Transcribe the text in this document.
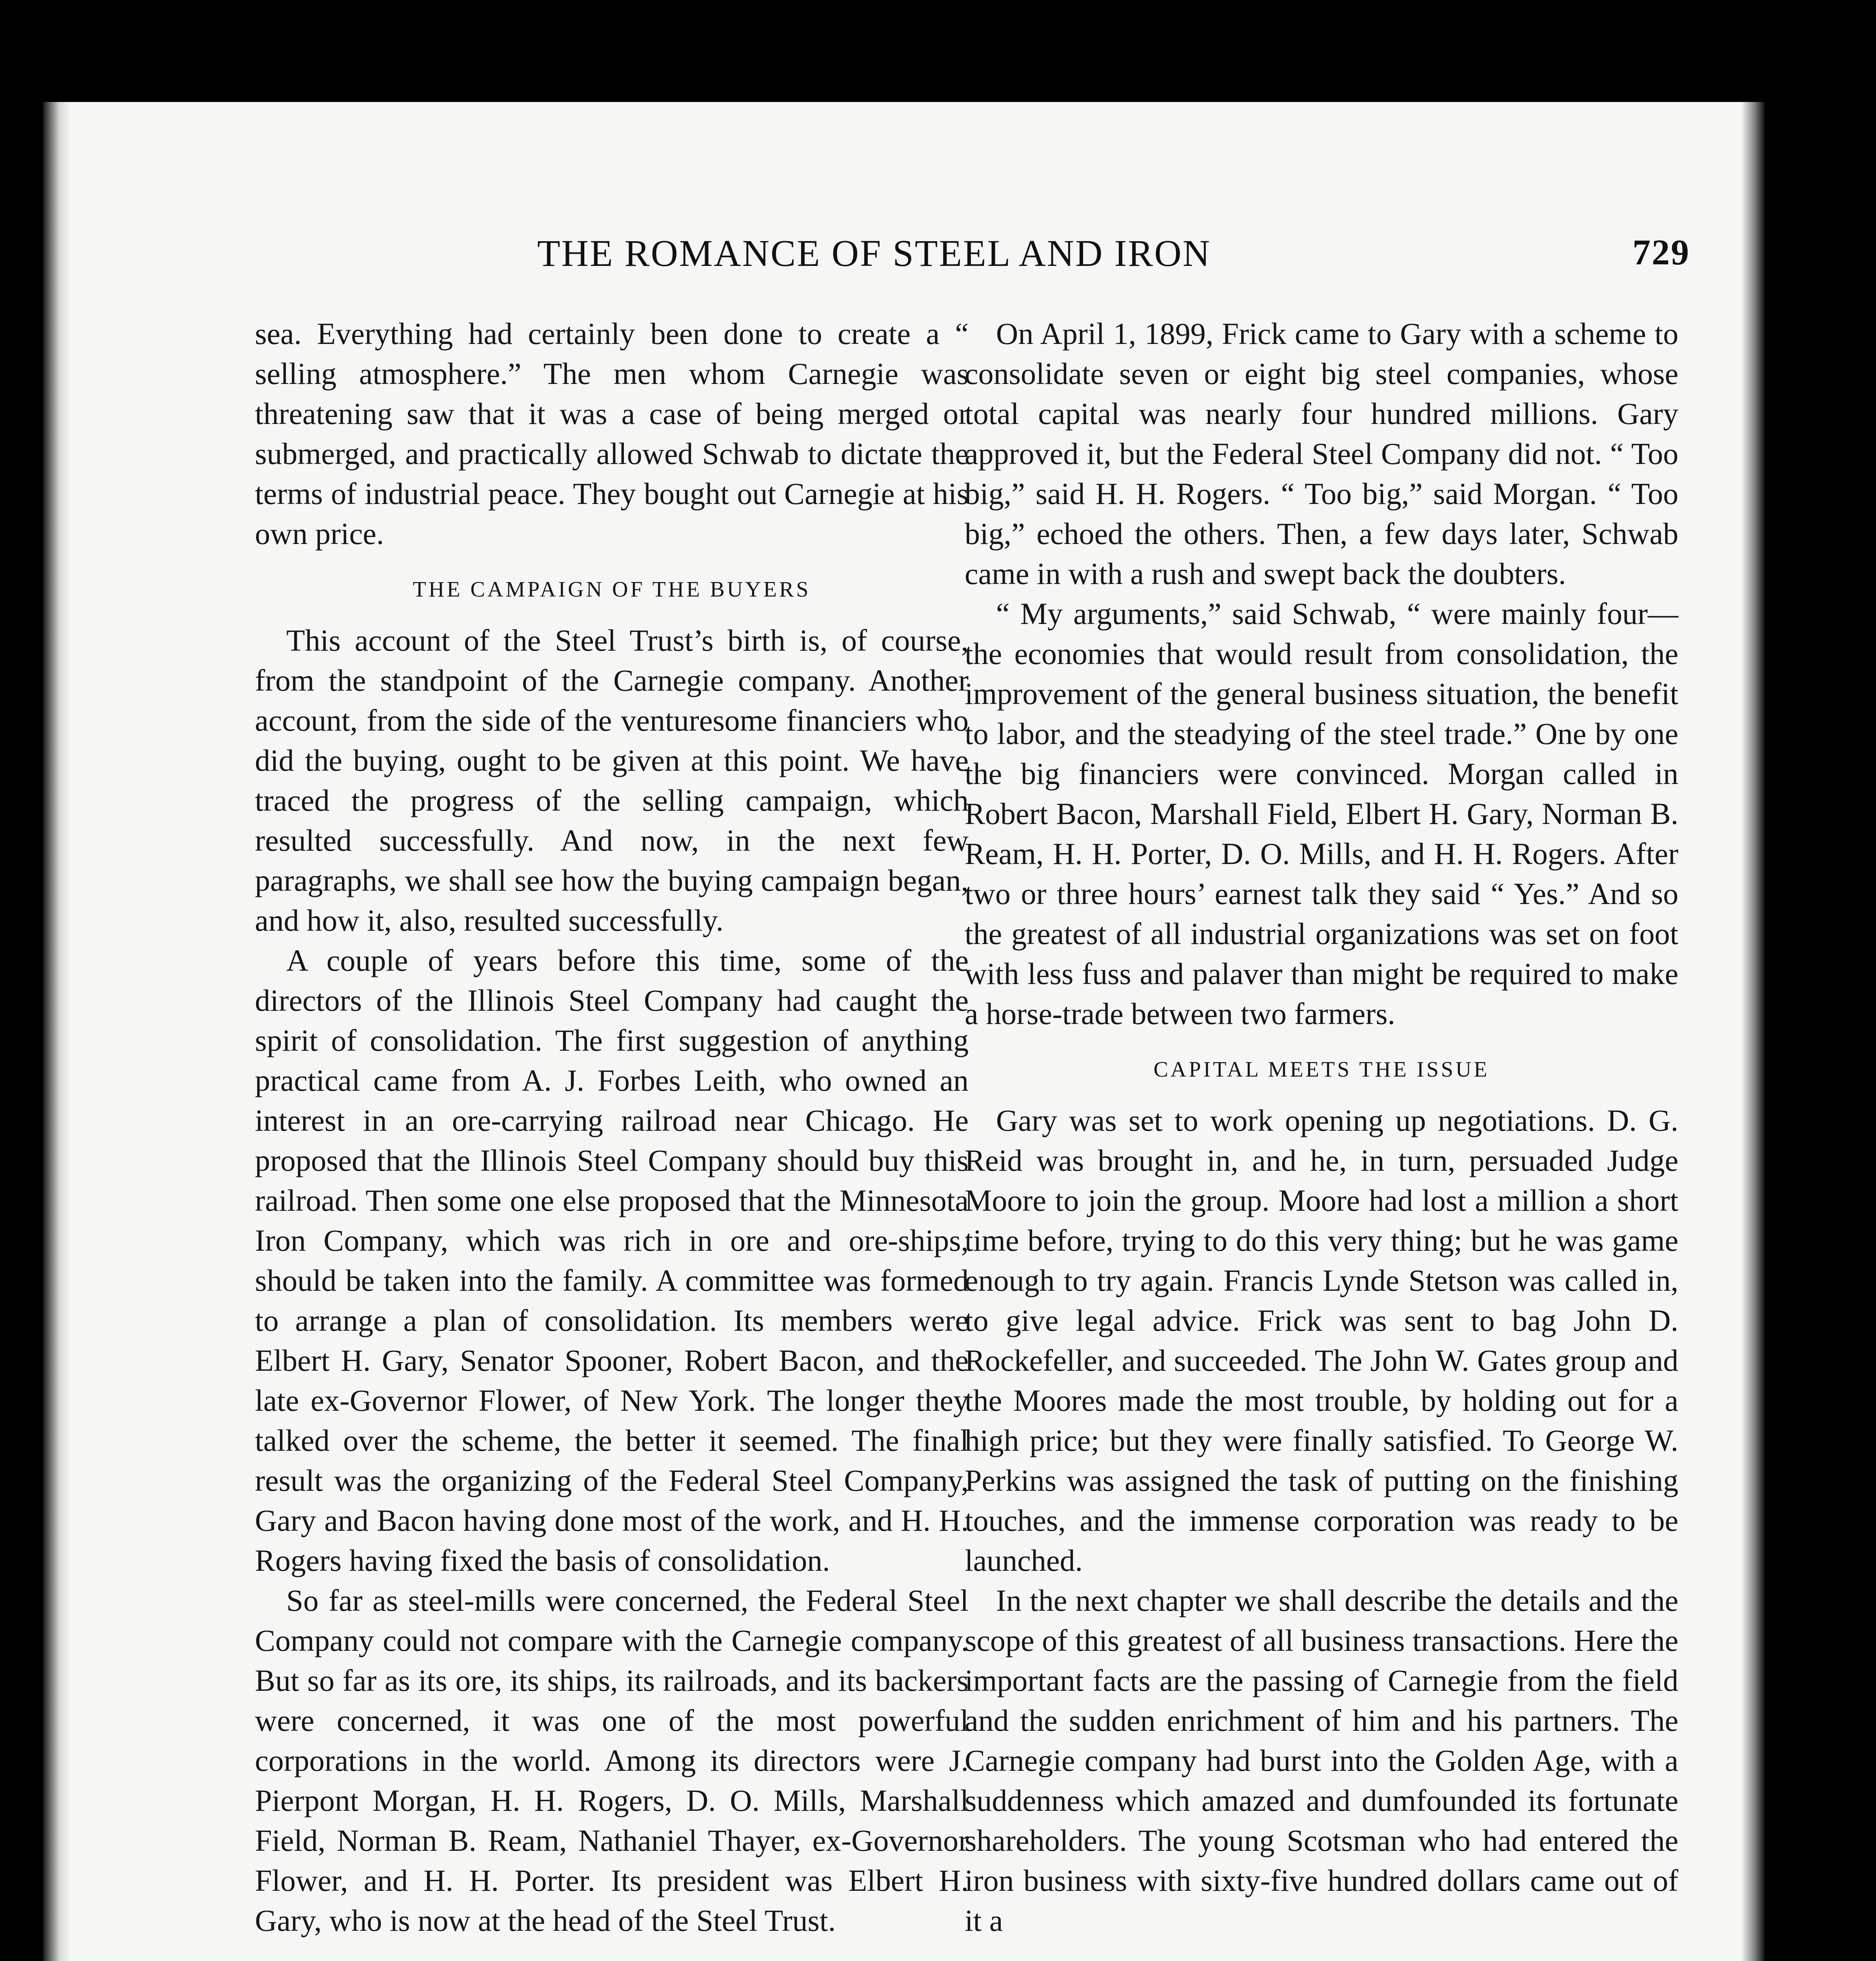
THE ROMANCE OF STEEL AND IRON	729

sea. Everything had certainly been done to create a “ selling atmosphere.” The men whom Carnegie was threatening saw that it was a case of being merged or submerged, and practically allowed Schwab to dictate the terms of industrial peace. They bought out Carnegie at his own price.

THE CAMPAIGN OF THE BUYERS

This account of the Steel Trust’s birth is, of course, from the standpoint of the Carnegie company. Another account, from the side of the venturesome financiers who did the buying, ought to be given at this point. We have traced the progress of the selling campaign, which resulted successfully. And now, in the next few paragraphs, we shall see how the buying campaign began, and how it, also, resulted successfully.

A couple of years before this time, some of the directors of the Illinois Steel Company had caught the spirit of consolidation. The first suggestion of anything practical came from A. J. Forbes Leith, who owned an interest in an ore-carrying railroad near Chicago. He proposed that the Illinois Steel Company should buy this railroad. Then some one else proposed that the Minnesota Iron Company, which was rich in ore and ore-ships, should be taken into the family. A committee was formed to arrange a plan of consolidation. Its members were Elbert H. Gary, Senator Spooner, Robert Bacon, and the late ex-Governor Flower, of New York. The longer they talked over the scheme, the better it seemed. The final result was the organizing of the Federal Steel Company, Gary and Bacon having done most of the work, and H. H. Rogers having fixed the basis of consolidation.

So far as steel-mills were concerned, the Federal Steel Company could not compare with the Carnegie company. But so far as its ore, its ships, its railroads, and its backers were concerned, it was one of the most powerful corporations in the world. Among its directors were J. Pierpont Morgan, H. H. Rogers, D. O. Mills, Marshall Field, Norman B. Ream, Nathaniel Thayer, ex-Governor Flower, and H. H. Porter. Its president was Elbert H. Gary, who is now at the head of the Steel Trust.

On April 1, 1899, Frick came to Gary with a scheme to consolidate seven or eight big steel companies, whose total capital was nearly four hundred millions. Gary approved it, but the Federal Steel Company did not. “ Too big,” said H. H. Rogers. “ Too big,” said Morgan. “ Too big,” echoed the others. Then, a few days later, Schwab came in with a rush and swept back the doubters.

“ My arguments,” said Schwab, “ were mainly four—the economies that would result from consolidation, the improvement of the general business situation, the benefit to labor, and the steadying of the steel trade.” One by one the big financiers were convinced. Morgan called in Robert Bacon, Marshall Field, Elbert H. Gary, Norman B. Ream, H. H. Porter, D. O. Mills, and H. H. Rogers. After two or three hours’ earnest talk they said “ Yes.” And so the greatest of all industrial organizations was set on foot with less fuss and palaver than might be required to make a horse-trade between two farmers.

CAPITAL MEETS THE ISSUE

Gary was set to work opening up negotiations. D. G. Reid was brought in, and he, in turn, persuaded Judge Moore to join the group. Moore had lost a million a short time before, trying to do this very thing; but he was game enough to try again. Francis Lynde Stetson was called in, to give legal advice. Frick was sent to bag John D. Rockefeller, and succeeded. The John W. Gates group and the Moores made the most trouble, by holding out for a high price; but they were finally satisfied. To George W. Perkins was assigned the task of putting on the finishing touches, and the immense corporation was ready to be launched.

In the next chapter we shall describe the details and the scope of this greatest of all business transactions. Here the important facts are the passing of Carnegie from the field and the sudden enrichment of him and his partners. The Carnegie company had burst into the Golden Age, with a suddenness which amazed and dumfounded its fortunate shareholders. The young Scotsman who had entered the iron business with sixty-five hundred dollars came out of it a
